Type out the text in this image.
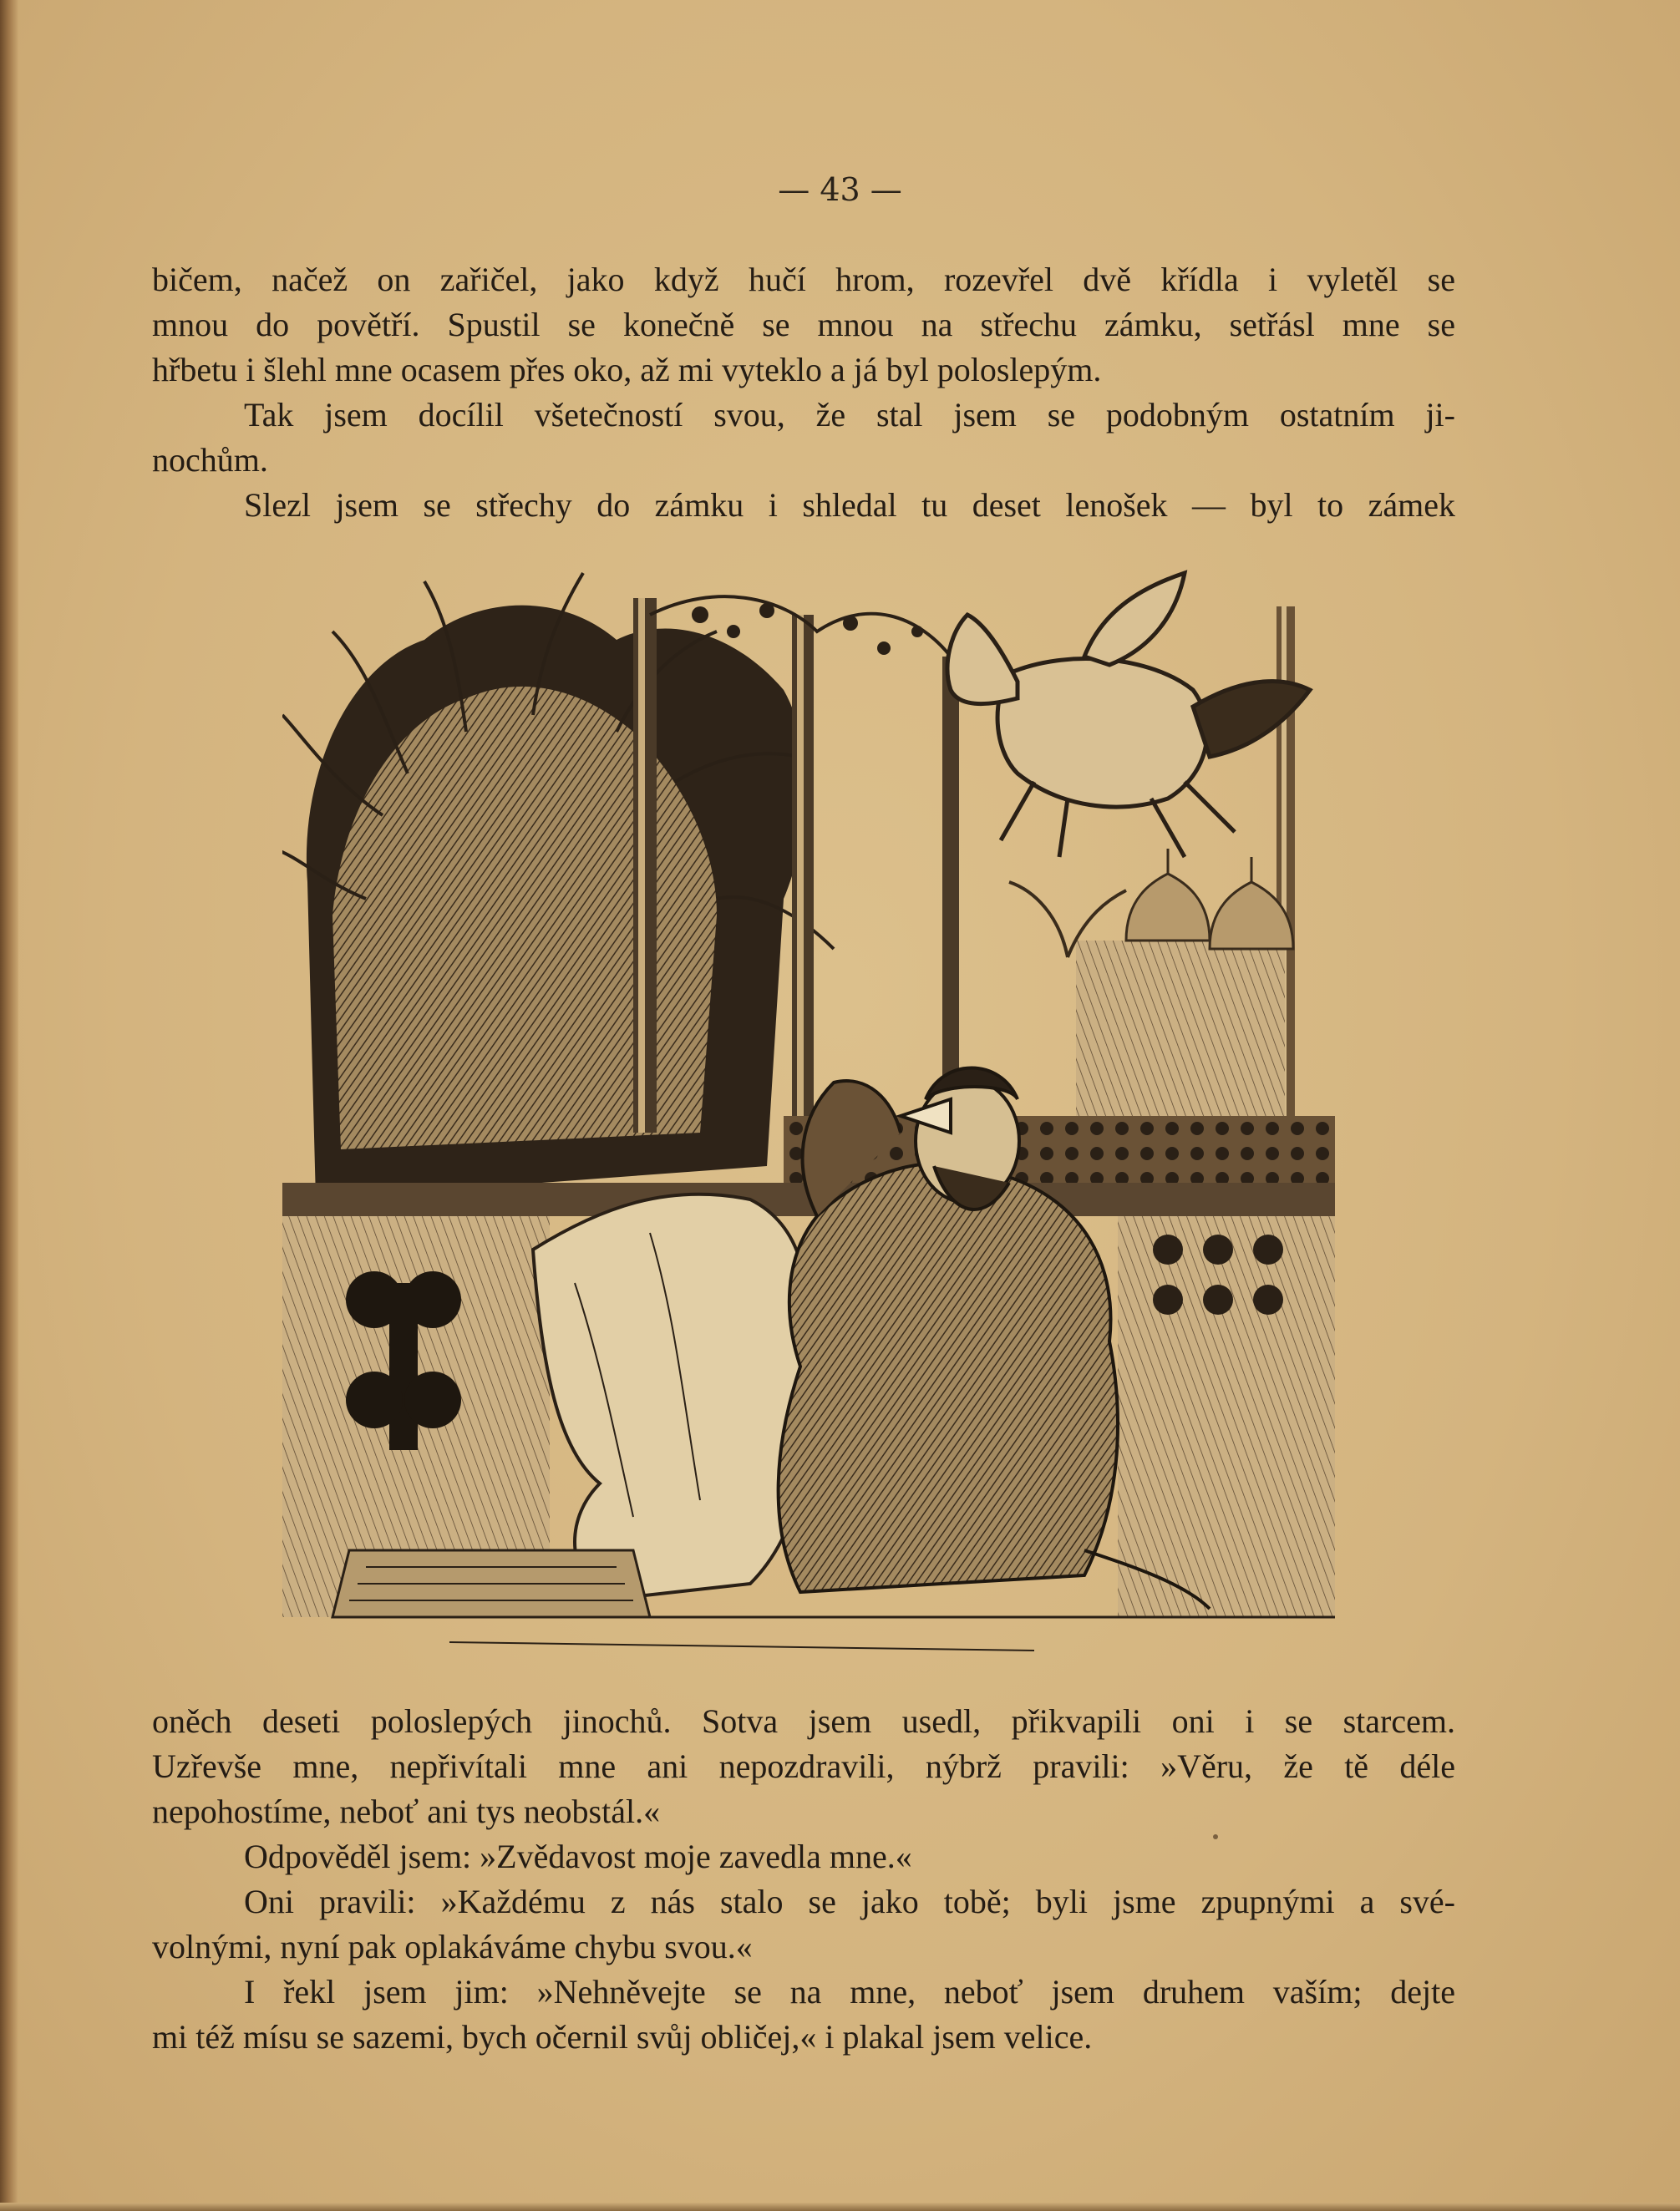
— 43 —
bičem, načež on zařičel, jako když hučí hrom, rozevřel dvě křídla i vyletěl se
mnou do povětří. Spustil se konečně se mnou na střechu zámku, setřásl mne se
hřbetu i šlehl mne ocasem přes oko, až mi vyteklo a já byl poloslepým.
Tak jsem docílil všetečností svou, že stal jsem se podobným ostatním ji-
nochům.
Slezl jsem se střechy do zámku i shledal tu deset lenošek — byl to zámek
oněch deseti poloslepých jinochů. Sotva jsem usedl, přikvapili oni i se starcem.
Uzřevše mne, nepřivítali mne ani nepozdravili, nýbrž pravili: »Věru, že tě déle
nepohostíme, neboť ani tys neobstál.«
Odpověděl jsem: »Zvědavost moje zavedla mne.«
Oni pravili: »Každému z nás stalo se jako tobě; byli jsme zpupnými a své-
volnými, nyní pak oplakáváme chybu svou.«
I řekl jsem jim: »Nehněvejte se na mne, neboť jsem druhem vaším; dejte
mi též mísu se sazemi, bych očernil svůj obličej,« i plakal jsem velice.
